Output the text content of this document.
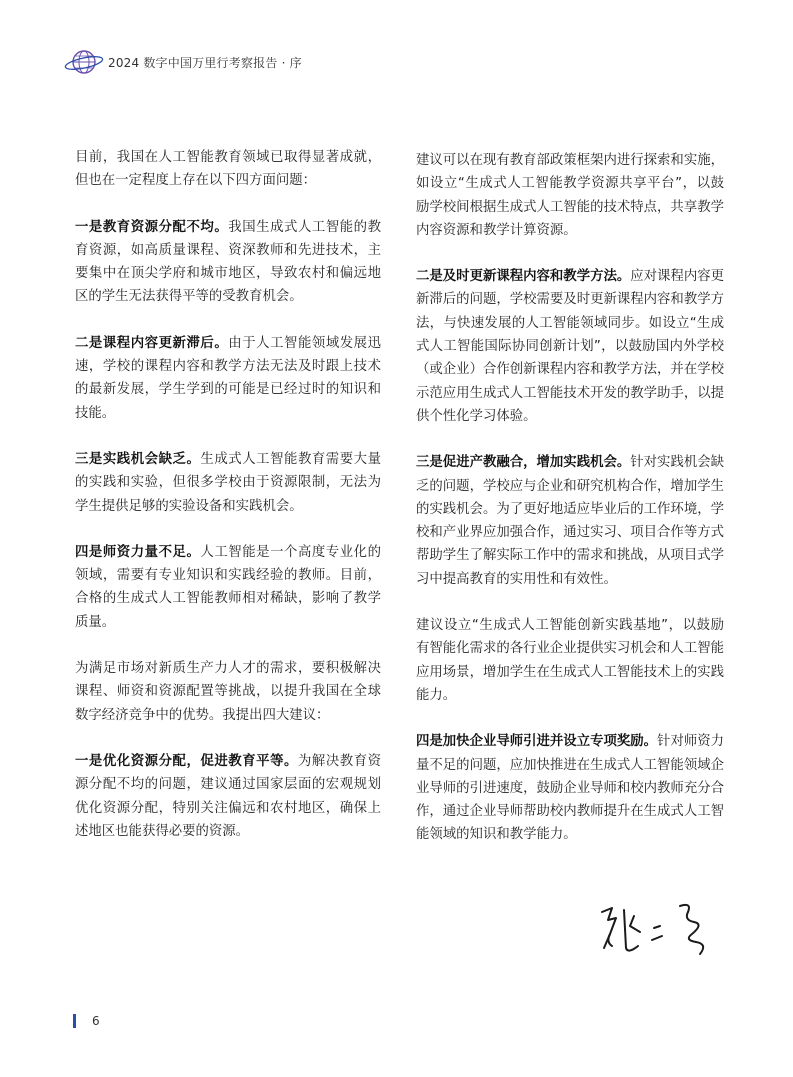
2024 数字中国万里行考察报告 · 序

目前，我国在人工智能教育领域已取得显著成就，但也在一定程度上存在以下四方面问题：

一是教育资源分配不均。我国生成式人工智能的教育资源，如高质量课程、资深教师和先进技术，主要集中在顶尖学府和城市地区，导致农村和偏远地区的学生无法获得平等的受教育机会。

二是课程内容更新滞后。由于人工智能领域发展迅速，学校的课程内容和教学方法无法及时跟上技术的最新发展，学生学到的可能是已经过时的知识和技能。

三是实践机会缺乏。生成式人工智能教育需要大量的实践和实验，但很多学校由于资源限制，无法为学生提供足够的实验设备和实践机会。

四是师资力量不足。人工智能是一个高度专业化的领域，需要有专业知识和实践经验的教师。目前，合格的生成式人工智能教师相对稀缺，影响了教学质量。

为满足市场对新质生产力人才的需求，要积极解决课程、师资和资源配置等挑战，以提升我国在全球数字经济竞争中的优势。我提出四大建议：

一是优化资源分配，促进教育平等。为解决教育资源分配不均的问题，建议通过国家层面的宏观规划优化资源分配，特别关注偏远和农村地区，确保上述地区也能获得必要的资源。

建议可以在现有教育部政策框架内进行探索和实施，如设立“生成式人工智能教学资源共享平台”，以鼓励学校间根据生成式人工智能的技术特点，共享教学内容资源和教学计算资源。

二是及时更新课程内容和教学方法。应对课程内容更新滞后的问题，学校需要及时更新课程内容和教学方法，与快速发展的人工智能领域同步。如设立“生成式人工智能国际协同创新计划”，以鼓励国内外学校（或企业）合作创新课程内容和教学方法，并在学校示范应用生成式人工智能技术开发的教学助手，以提供个性化学习体验。

三是促进产教融合，增加实践机会。针对实践机会缺乏的问题，学校应与企业和研究机构合作，增加学生的实践机会。为了更好地适应毕业后的工作环境，学校和产业界应加强合作，通过实习、项目合作等方式帮助学生了解实际工作中的需求和挑战，从项目式学习中提高教育的实用性和有效性。

建议设立“生成式人工智能创新实践基地”，以鼓励有智能化需求的各行业企业提供实习机会和人工智能应用场景，增加学生在生成式人工智能技术上的实践能力。

四是加快企业导师引进并设立专项奖励。针对师资力量不足的问题，应加快推进在生成式人工智能领域企业导师的引进速度，鼓励企业导师和校内教师充分合作，通过企业导师帮助校内教师提升在生成式人工智能领域的知识和教学能力。

6
